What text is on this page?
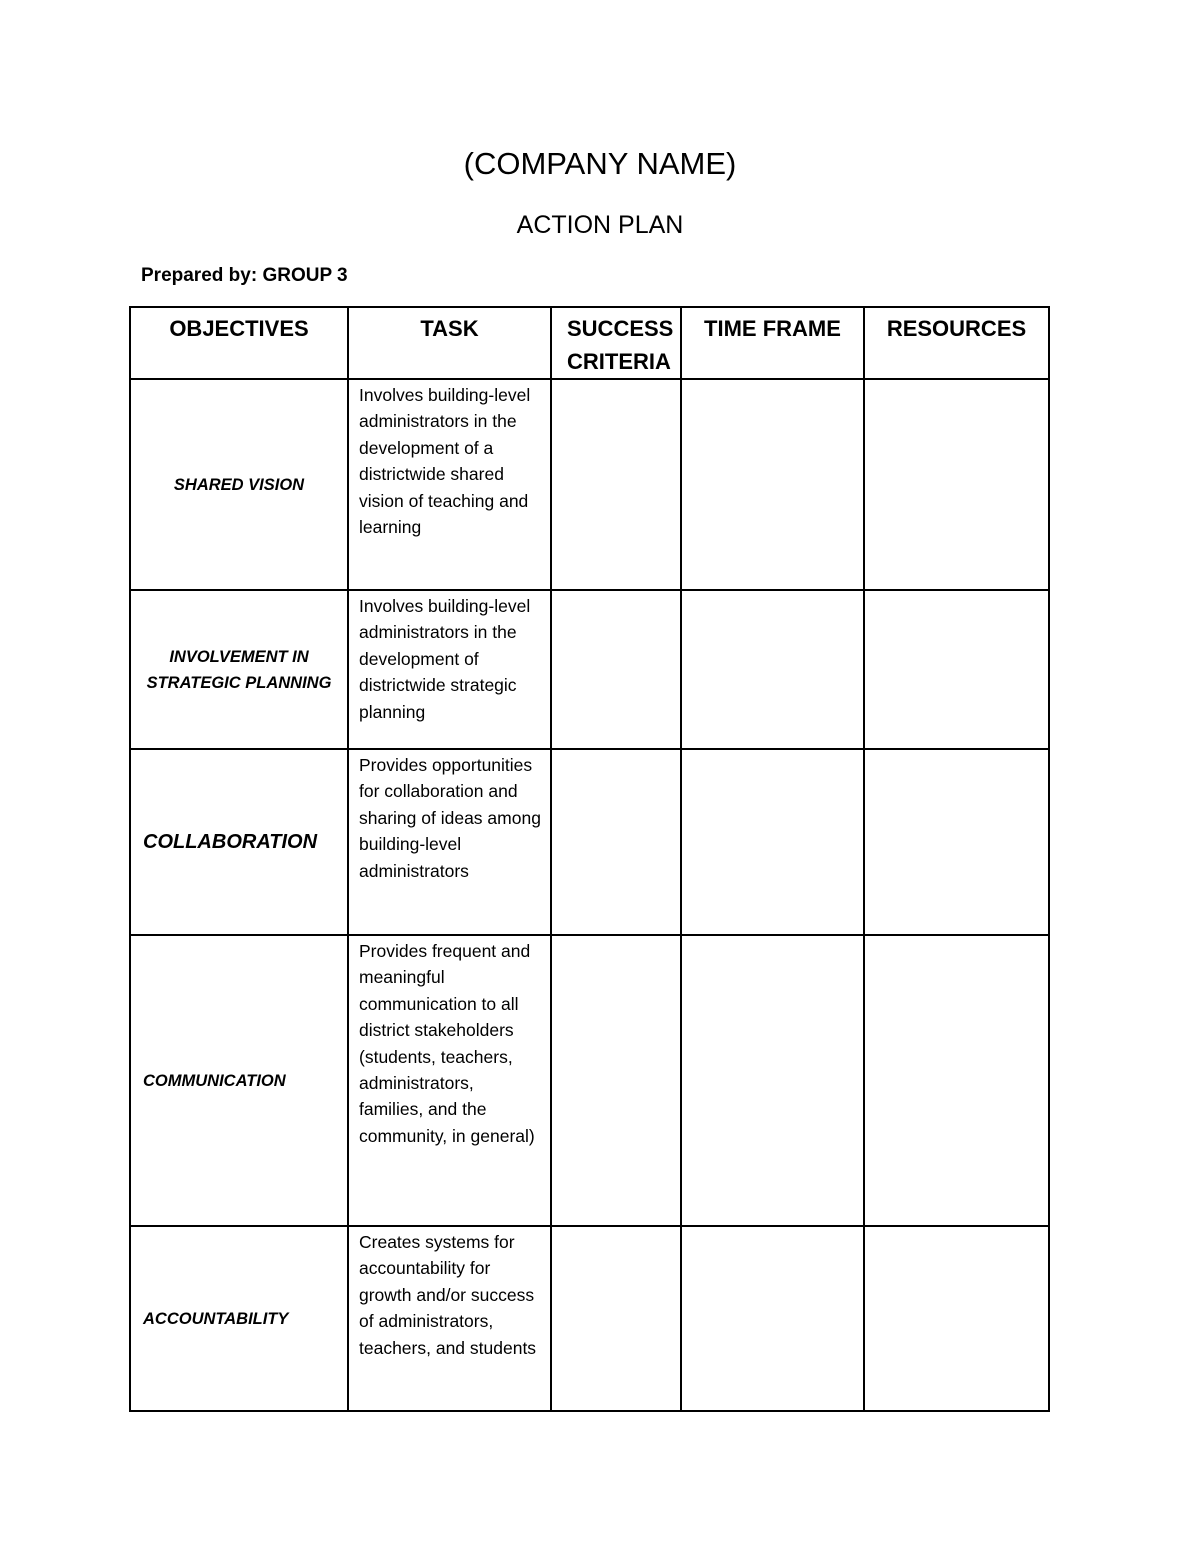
(COMPANY NAME)
ACTION PLAN
Prepared by: GROUP 3
OBJECTIVES	TASK	SUCCESS CRITERIA	TIME FRAME	RESOURCES
SHARED VISION	Involves building-level administrators in the development of a districtwide shared vision of teaching and learning			
INVOLVEMENT IN STRATEGIC PLANNING	Involves building-level administrators in the development of districtwide strategic planning			
COLLABORATION	Provides opportunities for collaboration and sharing of ideas among building-level administrators			
COMMUNICATION	Provides frequent and meaningful communication to all district stakeholders (students, teachers, administrators, families, and the community, in general)			
ACCOUNTABILITY	Creates systems for accountability for growth and/or success of administrators, teachers, and students			
